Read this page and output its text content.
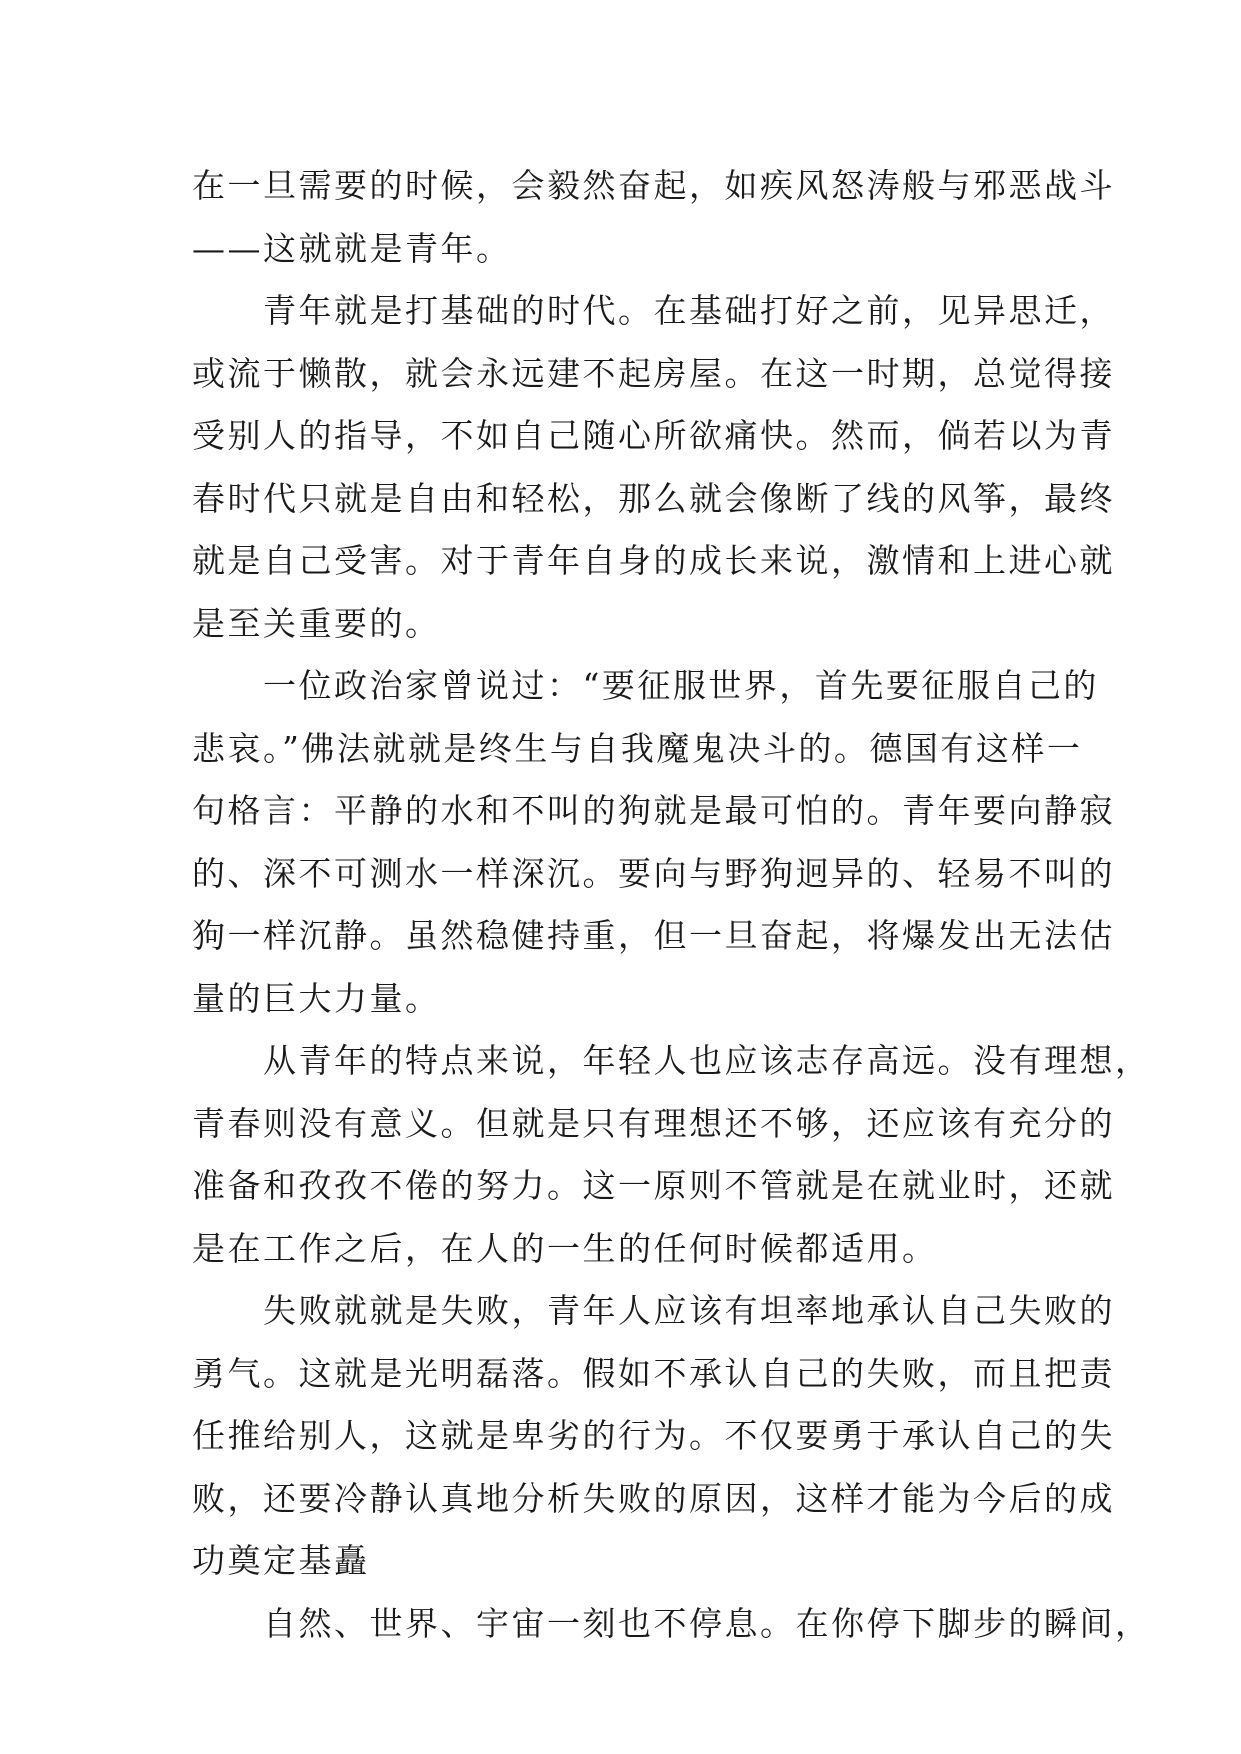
在一旦需要的时候，会毅然奋起，如疾风怒涛般与邪恶战斗
——这就就是青年。
　　青年就是打基础的时代。在基础打好之前，见异思迁，
或流于懒散，就会永远建不起房屋。在这一时期，总觉得接
受别人的指导，不如自己随心所欲痛快。然而，倘若以为青
春时代只就是自由和轻松，那么就会像断了线的风筝，最终
就是自己受害。对于青年自身的成长来说，激情和上进心就
是至关重要的。
　　一位政治家曾说过：“要征服世界，首先要征服自己的
悲哀。”佛法就就是终生与自我魔鬼决斗的。德国有这样一
句格言：平静的水和不叫的狗就是最可怕的。青年要向静寂
的、深不可测水一样深沉。要向与野狗迥异的、轻易不叫的
狗一样沉静。虽然稳健持重，但一旦奋起，将爆发出无法估
量的巨大力量。
　　从青年的特点来说，年轻人也应该志存高远。没有理想，
青春则没有意义。但就是只有理想还不够，还应该有充分的
准备和孜孜不倦的努力。这一原则不管就是在就业时，还就
是在工作之后，在人的一生的任何时候都适用。
　　失败就就是失败，青年人应该有坦率地承认自己失败的
勇气。这就是光明磊落。假如不承认自己的失败，而且把责
任推给别人，这就是卑劣的行为。不仅要勇于承认自己的失
败，还要冷静认真地分析失败的原因，这样才能为今后的成
功奠定基矗
　　自然、世界、宇宙一刻也不停息。在你停下脚步的瞬间，
